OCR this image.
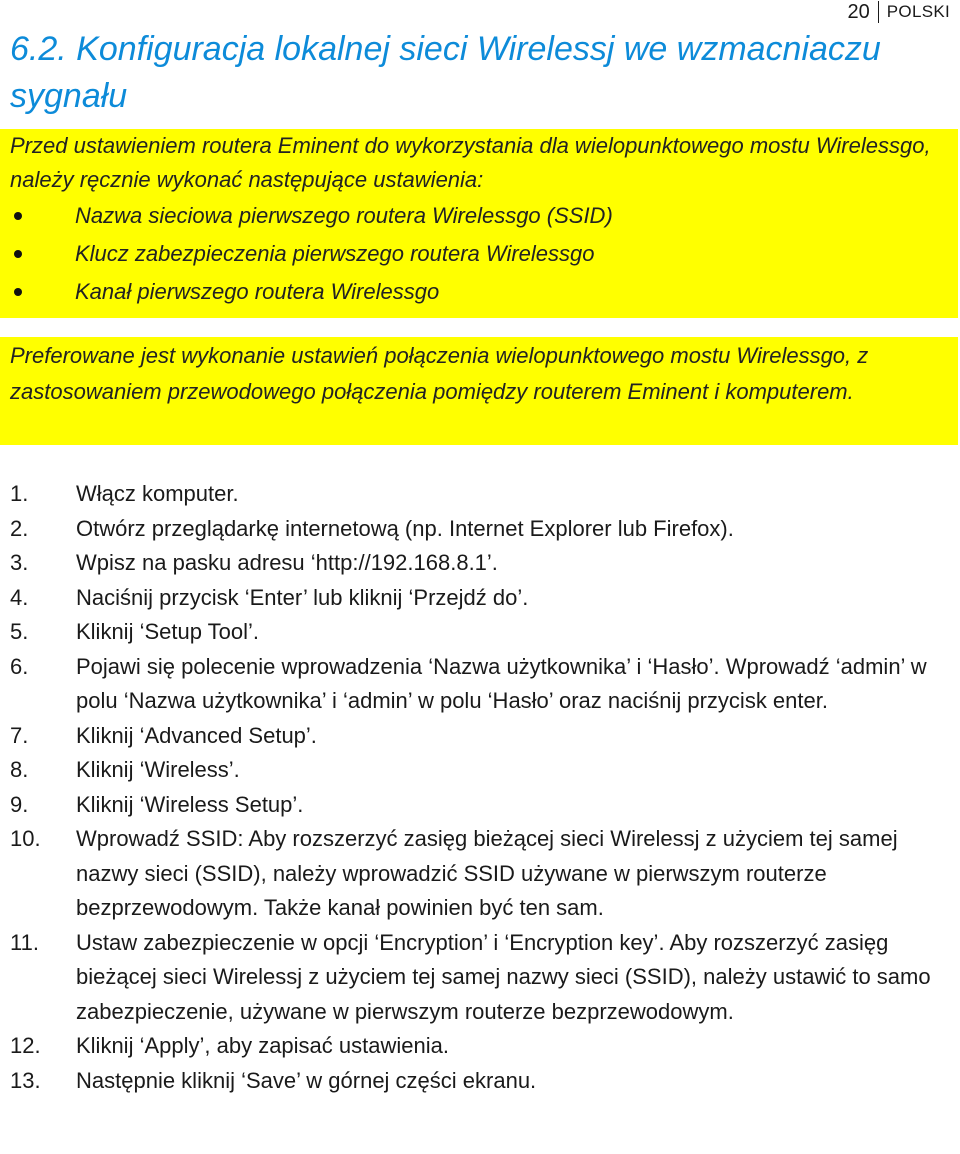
20	POLSKI
6.2. Konfiguracja lokalnej sieci Wirelessj we wzmacniaczu sygnału

Przed ustawieniem routera Eminent do wykorzystania dla wielopunktowego mostu Wirelessgo, należy ręcznie wykonać następujące ustawienia:

Nazwa sieciowa pierwszego routera Wirelessgo (SSID)
Klucz zabezpieczenia pierwszego routera Wirelessgo
Kanał pierwszego routera Wirelessgo

Preferowane jest wykonanie ustawień połączenia wielopunktowego mostu Wirelessgo, z zastosowaniem przewodowego połączenia pomiędzy routerem Eminent i komputerem.

1. Włącz komputer.
2. Otwórz przeglądarkę internetową (np. Internet Explorer lub Firefox).
3. Wpisz na pasku adresu ‘http://192.168.8.1’.
4. Naciśnij przycisk ‘Enter’ lub kliknij ‘Przejdź do’.
5. Kliknij ‘Setup Tool’.
6. Pojawi się polecenie wprowadzenia ‘Nazwa użytkownika’ i ‘Hasło’. Wprowadź ‘admin’ w polu ‘Nazwa użytkownika’ i ‘admin’ w polu ‘Hasło’ oraz naciśnij przycisk enter.
7. Kliknij ‘Advanced Setup’.
8. Kliknij ‘Wireless’.
9. Kliknij ‘Wireless Setup’.
10. Wprowadź SSID: Aby rozszerzyć zasięg bieżącej sieci Wirelessj z użyciem tej samej nazwy sieci (SSID), należy wprowadzić SSID używane w pierwszym routerze bezprzewodowym. Także kanał powinien być ten sam.
11. Ustaw zabezpieczenie w opcji ‘Encryption’ i ‘Encryption key’. Aby rozszerzyć zasięg bieżącej sieci Wirelessj z użyciem tej samej nazwy sieci (SSID), należy ustawić to samo zabezpieczenie, używane w pierwszym routerze bezprzewodowym.
12. Kliknij ‘Apply’, aby zapisać ustawienia.
13. Następnie kliknij ‘Save’ w górnej części ekranu.
